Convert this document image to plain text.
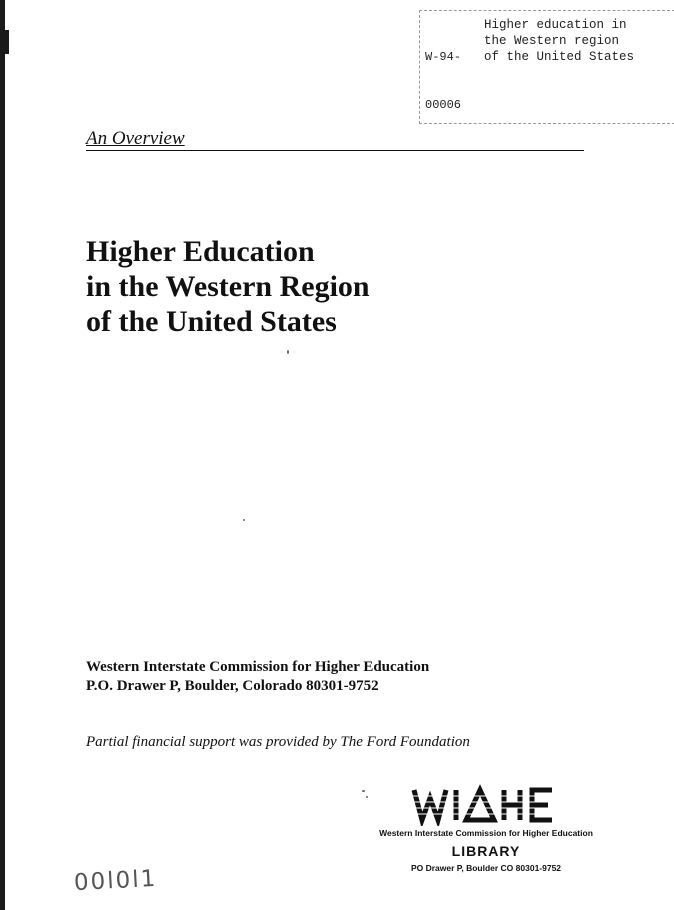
W-94-

00006

Higher education in
the Western region
of the United States
An Overview
Higher Education
in the Western Region
of the United States
Western Interstate Commission for Higher Education
P.O. Drawer P, Boulder, Colorado 80301-9752
Partial financial support was provided by The Ford Foundation
Western Interstate Commission for Higher Education
LIBRARY
PO Drawer P, Boulder CO 80301-9752
00l0l1
